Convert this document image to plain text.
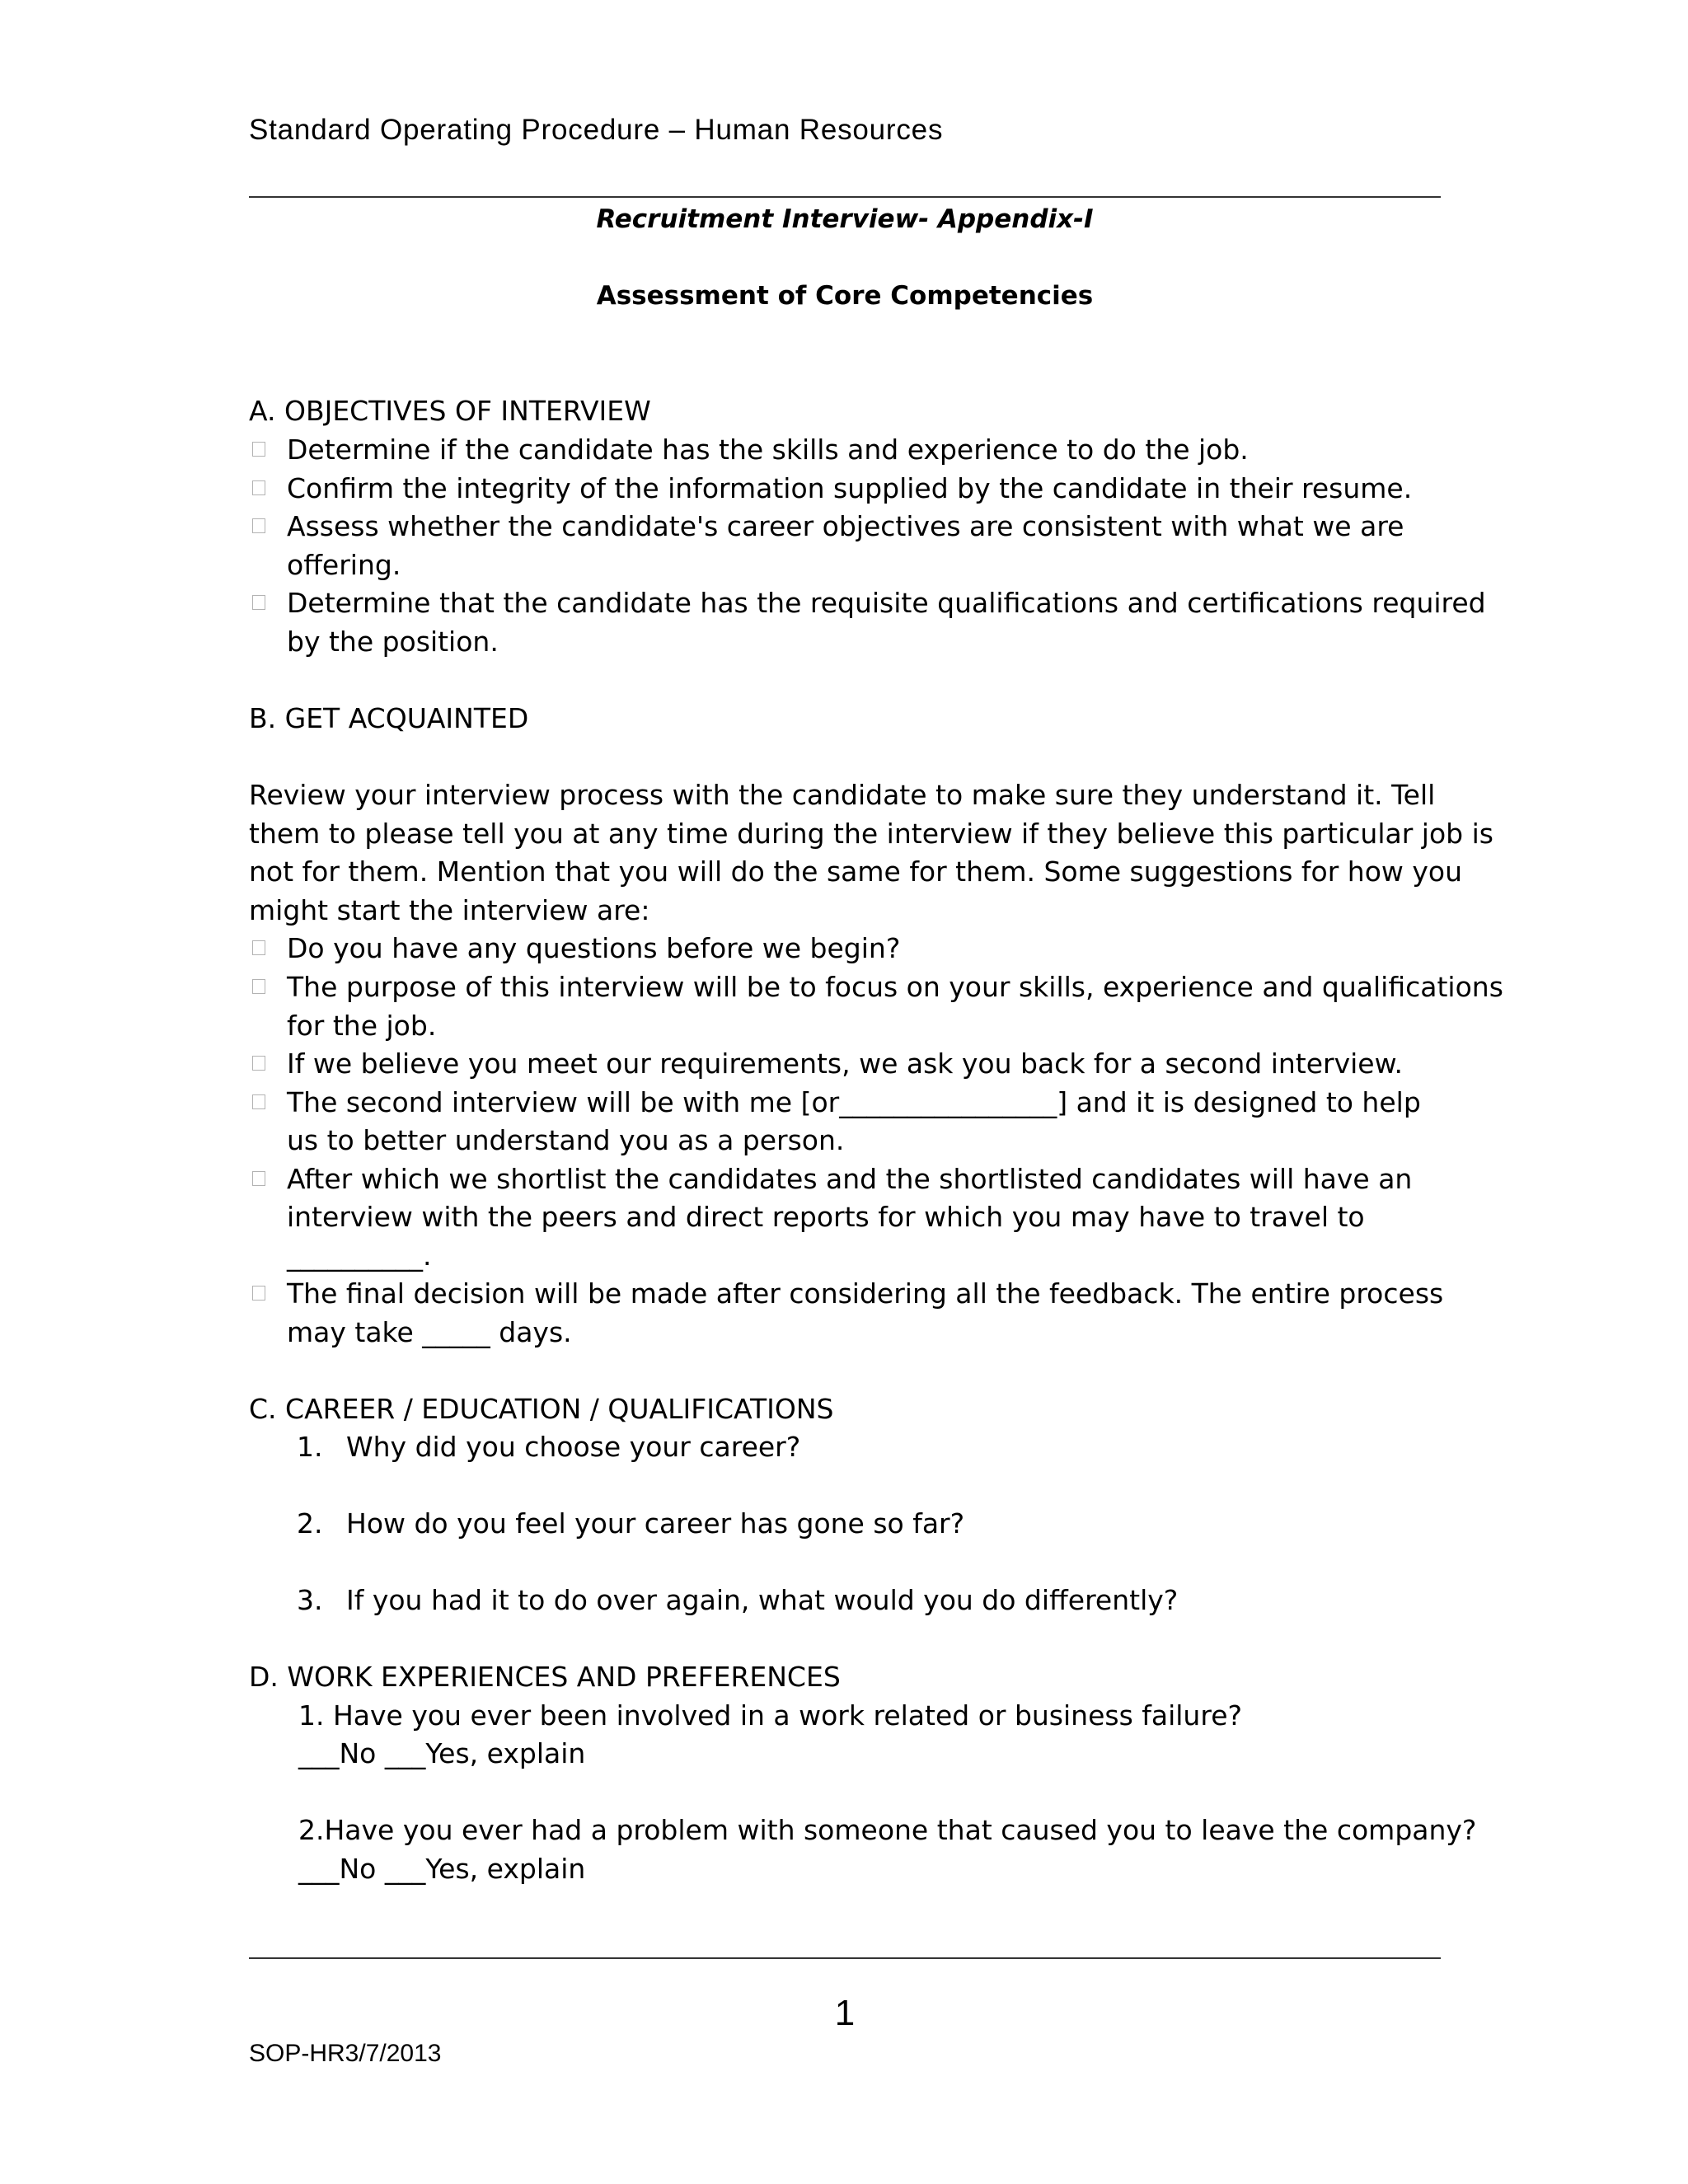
Standard Operating Procedure – Human Resources
Recruitment Interview- Appendix-I
Assessment of Core Competencies
A. OBJECTIVES OF INTERVIEW
Determine if the candidate has the skills and experience to do the job.
Confirm the integrity of the information supplied by the candidate in their resume.
Assess whether the candidate's career objectives are consistent with what we are
offering.
Determine that the candidate has the requisite qualifications and certifications required
by the position.
B. GET ACQUAINTED
Review your interview process with the candidate to make sure they understand it. Tell
them to please tell you at any time during the interview if they believe this particular job is
not for them. Mention that you will do the same for them. Some suggestions for how you
might start the interview are:
Do you have any questions before we begin?
The purpose of this interview will be to focus on your skills, experience and qualifications
for the job.
If we believe you meet our requirements, we ask you back for a second interview.
The second interview will be with me [or________________] and it is designed to help
us to better understand you as a person.
After which we shortlist the candidates and the shortlisted candidates will have an
interview with the peers and direct reports for which you may have to travel to
__________.
The final decision will be made after considering all the feedback. The entire process
may take _____ days.
C. CAREER / EDUCATION / QUALIFICATIONS
1. Why did you choose your career?
2. How do you feel your career has gone so far?
3. If you had it to do over again, what would you do differently?
D. WORK EXPERIENCES AND PREFERENCES
1. Have you ever been involved in a work related or business failure?
___No ___Yes, explain
2.Have you ever had a problem with someone that caused you to leave the company?
___No ___Yes, explain
1
SOP-HR3/7/2013
